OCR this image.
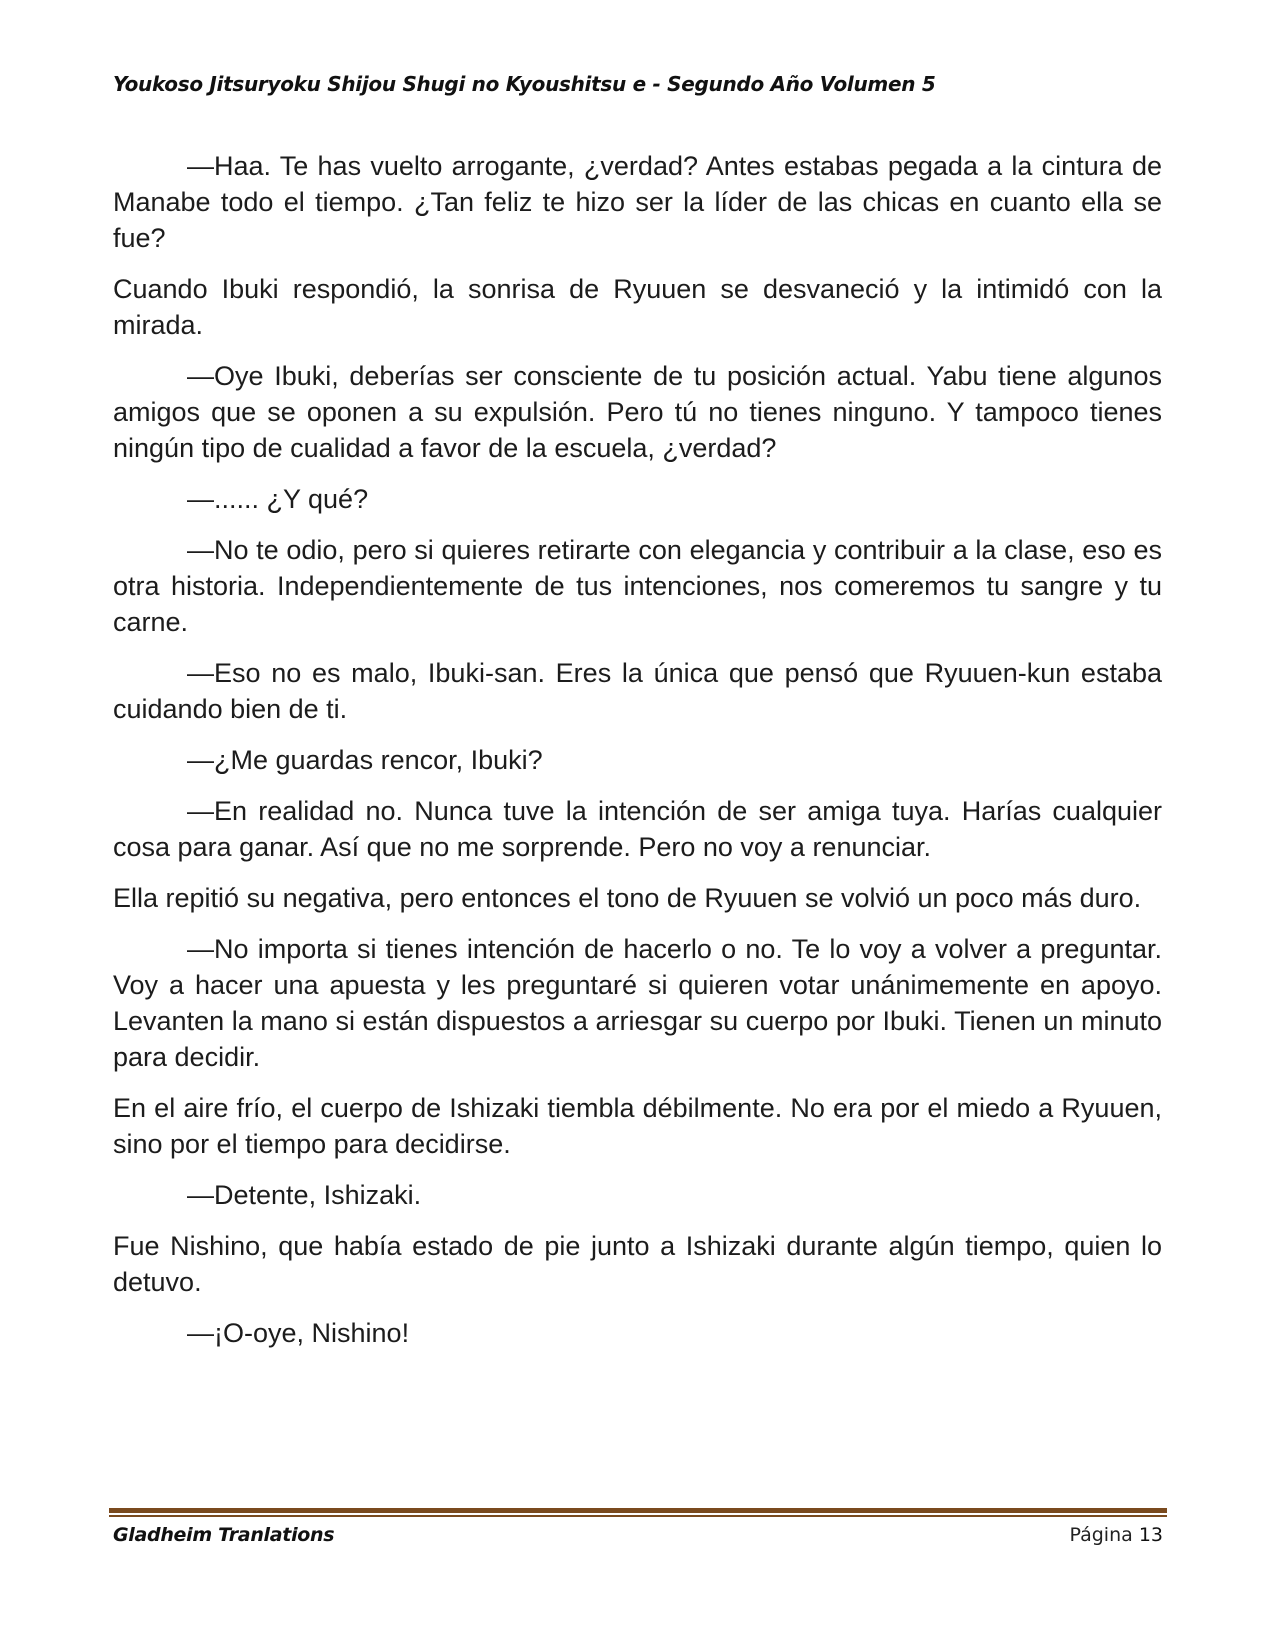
Youkoso Jitsuryoku Shijou Shugi no Kyoushitsu e - Segundo Año Volumen 5

—Haa. Te has vuelto arrogante, ¿verdad? Antes estabas pegada a la cintura de Manabe todo el tiempo. ¿Tan feliz te hizo ser la líder de las chicas en cuanto ella se fue?

Cuando Ibuki respondió, la sonrisa de Ryuuen se desvaneció y la intimidó con la mirada.

—Oye Ibuki, deberías ser consciente de tu posición actual. Yabu tiene algunos amigos que se oponen a su expulsión. Pero tú no tienes ninguno. Y tampoco tienes ningún tipo de cualidad a favor de la escuela, ¿verdad?

—...... ¿Y qué?

—No te odio, pero si quieres retirarte con elegancia y contribuir a la clase, eso es otra historia. Independientemente de tus intenciones, nos comeremos tu sangre y tu carne.

—Eso no es malo, Ibuki-san. Eres la única que pensó que Ryuuen-kun estaba cuidando bien de ti.

—¿Me guardas rencor, Ibuki?

—En realidad no. Nunca tuve la intención de ser amiga tuya. Harías cualquier cosa para ganar. Así que no me sorprende. Pero no voy a renunciar.

Ella repitió su negativa, pero entonces el tono de Ryuuen se volvió un poco más duro.

—No importa si tienes intención de hacerlo o no. Te lo voy a volver a preguntar. Voy a hacer una apuesta y les preguntaré si quieren votar unánimemente en apoyo. Levanten la mano si están dispuestos a arriesgar su cuerpo por Ibuki. Tienen un minuto para decidir.

En el aire frío, el cuerpo de Ishizaki tiembla débilmente. No era por el miedo a Ryuuen, sino por el tiempo para decidirse.

—Detente, Ishizaki.

Fue Nishino, que había estado de pie junto a Ishizaki durante algún tiempo, quien lo detuvo.

—¡O-oye, Nishino!

Gladheim Tranlations	Página 13
